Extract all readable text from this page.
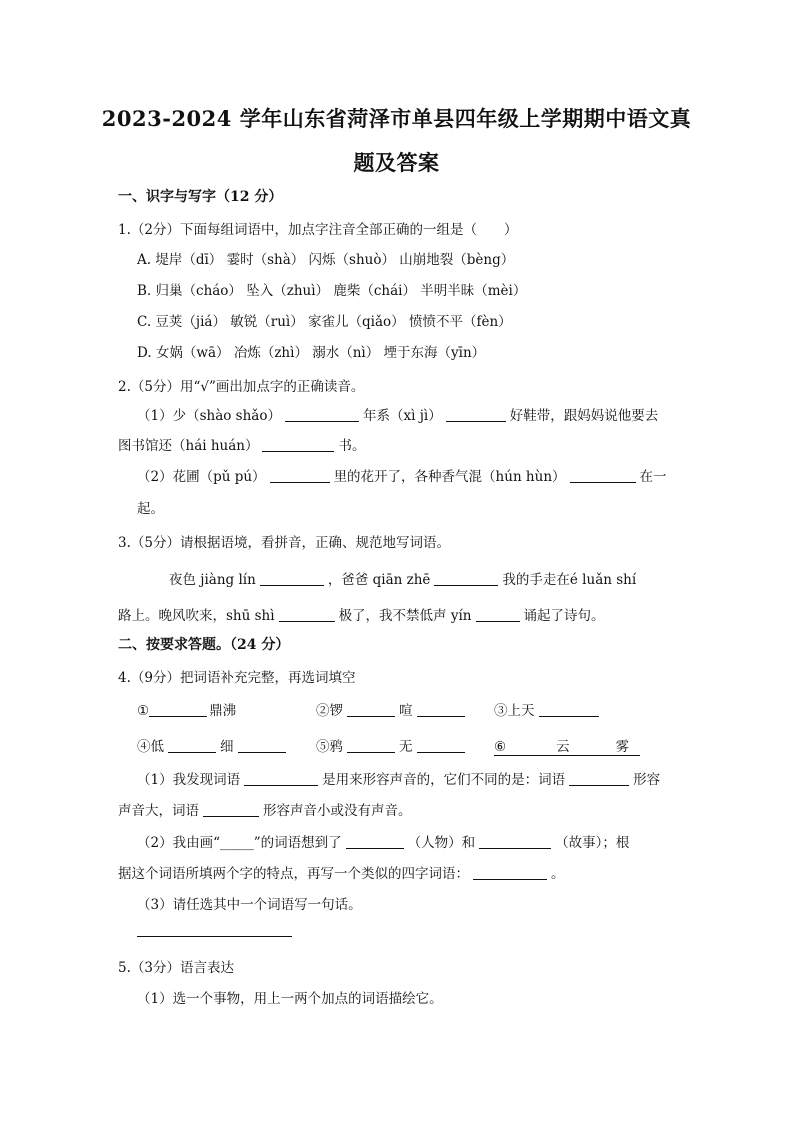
2023-2024 学年山东省菏泽市单县四年级上学期期中语文真
题及答案
一、识字与写字（12 分）
1.（2分）下面每组词语中，加点字注音全部正确的一组是（　　）
A. 堤岸（dī） 霎时（shà） 闪烁（shuò） 山崩地裂（bèng）
B. 归巢（cháo） 坠入（zhuì） 鹿柴（chái） 半明半昧（mèi）
C. 豆荚（jiá） 敏锐（ruì） 家雀儿（qiǎo） 愤愤不平（fèn）
D. 女娲（wā） 冶炼（zhì） 溺水（nì） 堙于东海（yīn）
2.（5分）用“√”画出加点字的正确读音。
（1）少（shào shǎo）	年系（xì jì）	好鞋带，跟妈妈说他要去
图书馆还（hái huán）	书。
（2）花圃（pǔ pú）	里的花开了，各种香气混（hún hùn）	在一
起。
3.（5分）请根据语境，看拼音，正确、规范地写词语。
夜色 jiàng lín	，爸爸 qiān zhē	我的手走在é luǎn shí
路上。晚风吹来，shū shì	极了，我不禁低声 yín	诵起了诗句。
二、按要求答题。（24 分）
4.（9分）把词语补充完整，再选词填空
①	鼎沸	②锣	喧	③上天
④低	细	⑤鸦	无	⑥	云	雾
（1）我发现词语	是用来形容声音的，它们不同的是：词语	形容
声音大，词语	形容声音小或没有声音。
（2）我由画“_____”的词语想到了	（人物）和	（故事）；根
据这个词语所填两个字的特点，再写一个类似的四字词语：	。
（3）请任选其中一个词语写一句话。
5.（3分）语言表达
（1）选一个事物，用上一两个加点的词语描绘它。
